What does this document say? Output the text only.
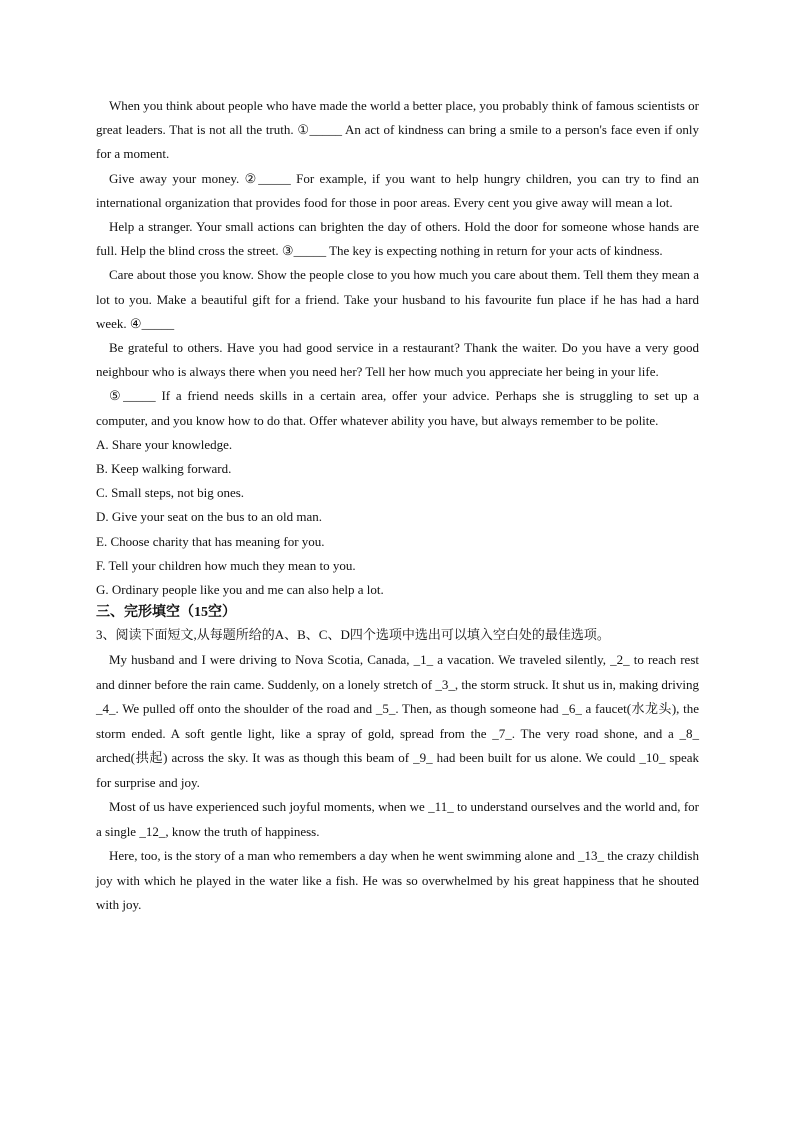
When you think about people who have made the world a better place, you probably think of famous scientists or great leaders. That is not all the truth. ①_____ An act of kindness can bring a smile to a person's face even if only for a moment.

Give away your money. ②_____ For example, if you want to help hungry children, you can try to find an international organization that provides food for those in poor areas. Every cent you give away will mean a lot.

Help a stranger. Your small actions can brighten the day of others. Hold the door for someone whose hands are full. Help the blind cross the street. ③_____ The key is expecting nothing in return for your acts of kindness.

Care about those you know. Show the people close to you how much you care about them. Tell them they mean a lot to you. Make a beautiful gift for a friend. Take your husband to his favourite fun place if he has had a hard week. ④_____

Be grateful to others. Have you had good service in a restaurant? Thank the waiter. Do you have a very good neighbour who is always there when you need her? Tell her how much you appreciate her being in your life.

⑤_____ If a friend needs skills in a certain area, offer your advice. Perhaps she is struggling to set up a computer, and you know how to do that. Offer whatever ability you have, but always remember to be polite.

A. Share your knowledge.

B. Keep walking forward.

C. Small steps, not big ones.

D. Give your seat on the bus to an old man.

E. Choose charity that has meaning for you.

F. Tell your children how much they mean to you.

G. Ordinary people like you and me can also help a lot.

三、完形填空（15空）

3、阅读下面短文,从每题所给的A、B、C、D四个选项中选出可以填入空白处的最佳选项。

My husband and I were driving to Nova Scotia, Canada, _1_ a vacation. We traveled silently, _2_ to reach rest and dinner before the rain came. Suddenly, on a lonely stretch of _3_, the storm struck. It shut us in, making driving _4_. We pulled off onto the shoulder of the road and _5_. Then, as though someone had _6_ a faucet(水龙头), the storm ended. A soft gentle light, like a spray of gold, spread from the _7_. The very road shone, and a _8_ arched(拱起) across the sky. It was as though this beam of _9_ had been built for us alone. We could _10_ speak for surprise and joy.

Most of us have experienced such joyful moments, when we _11_ to understand ourselves and the world and, for a single _12_, know the truth of happiness.

Here, too, is the story of a man who remembers a day when he went swimming alone and _13_ the crazy childish joy with which he played in the water like a fish. He was so overwhelmed by his great happiness that he shouted with joy.
